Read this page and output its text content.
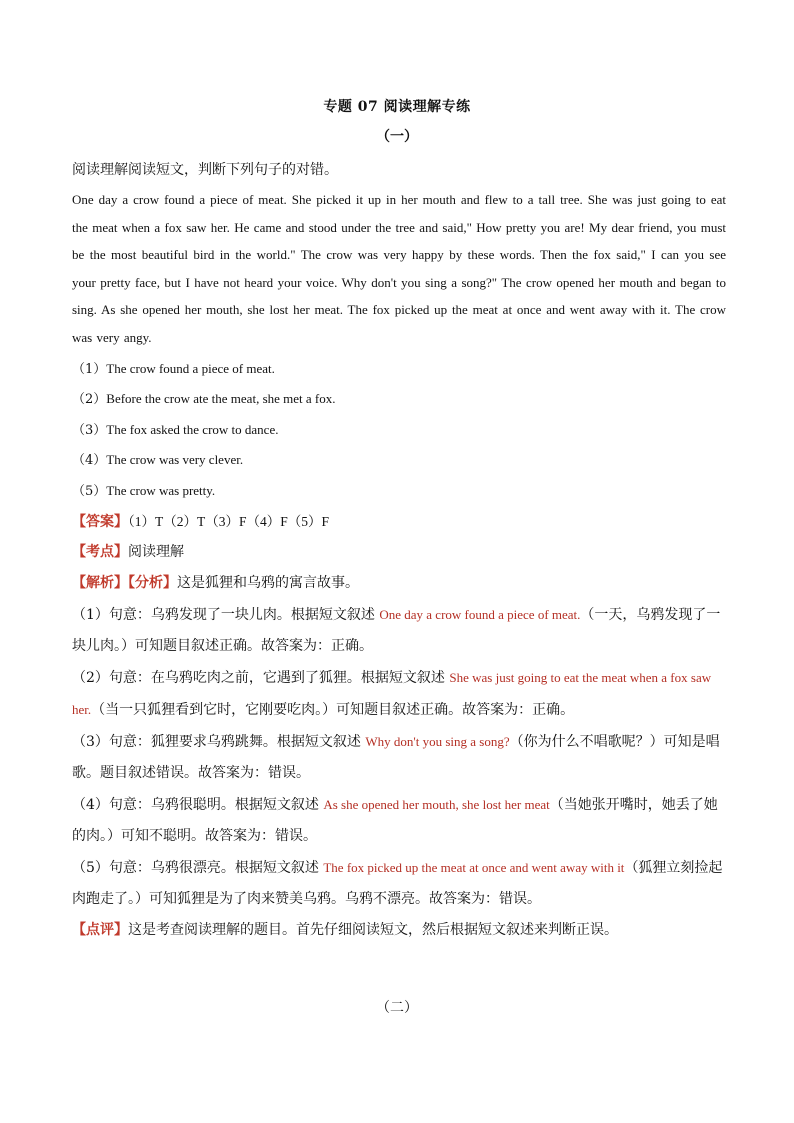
专题 07 阅读理解专练
（一）

阅读理解阅读短文，判断下列句子的对错。

One day a crow found a piece of meat. She picked it up in her mouth and flew to a tall tree. She was just going to eat the meat when a fox saw her. He came and stood under the tree and said," How pretty you are! My dear friend, you must be the most beautiful bird in the world." The crow was very happy by these words. Then the fox said," I can you see your pretty face, but I have not heard your voice. Why don't you sing a song?" The crow opened her mouth and began to sing. As she opened her mouth, she lost her meat. The fox picked up the meat at once and went away with it. The crow was very angy.

（1）The crow found a piece of meat.
（2）Before the crow ate the meat, she met a fox.
（3）The fox asked the crow to dance.
（4）The crow was very clever.
（5）The crow was pretty.

【答案】（1）T（2）T（3）F（4）F（5）F

【考点】阅读理解

【解析】【分析】这是狐狸和乌鸦的寓言故事。

（1）句意：乌鸦发现了一块儿肉。根据短文叙述 One day a crow found a piece of meat.（一天，乌鸦发现了一块儿肉。）可知题目叙述正确。故答案为：正确。

（2）句意：在乌鸦吃肉之前，它遇到了狐狸。根据短文叙述 She was just going to eat the meat when a fox saw her.（当一只狐狸看到它时，它刚要吃肉。）可知题目叙述正确。故答案为：正确。

（3）句意：狐狸要求乌鸦跳舞。根据短文叙述 Why don't you sing a song?（你为什么不唱歌呢？）可知是唱歌。题目叙述错误。故答案为：错误。

（4）句意：乌鸦很聪明。根据短文叙述 As she opened her mouth, she lost her meat（当她张开嘴时，她丢了她的肉。）可知不聪明。故答案为：错误。

（5）句意：乌鸦很漂亮。根据短文叙述 The fox picked up the meat at once and went away with it（狐狸立刻捡起肉跑走了。）可知狐狸是为了肉来赞美乌鸦。乌鸦不漂亮。故答案为：错误。

【点评】这是考查阅读理解的题目。首先仔细阅读短文，然后根据短文叙述来判断正误。

（二）
